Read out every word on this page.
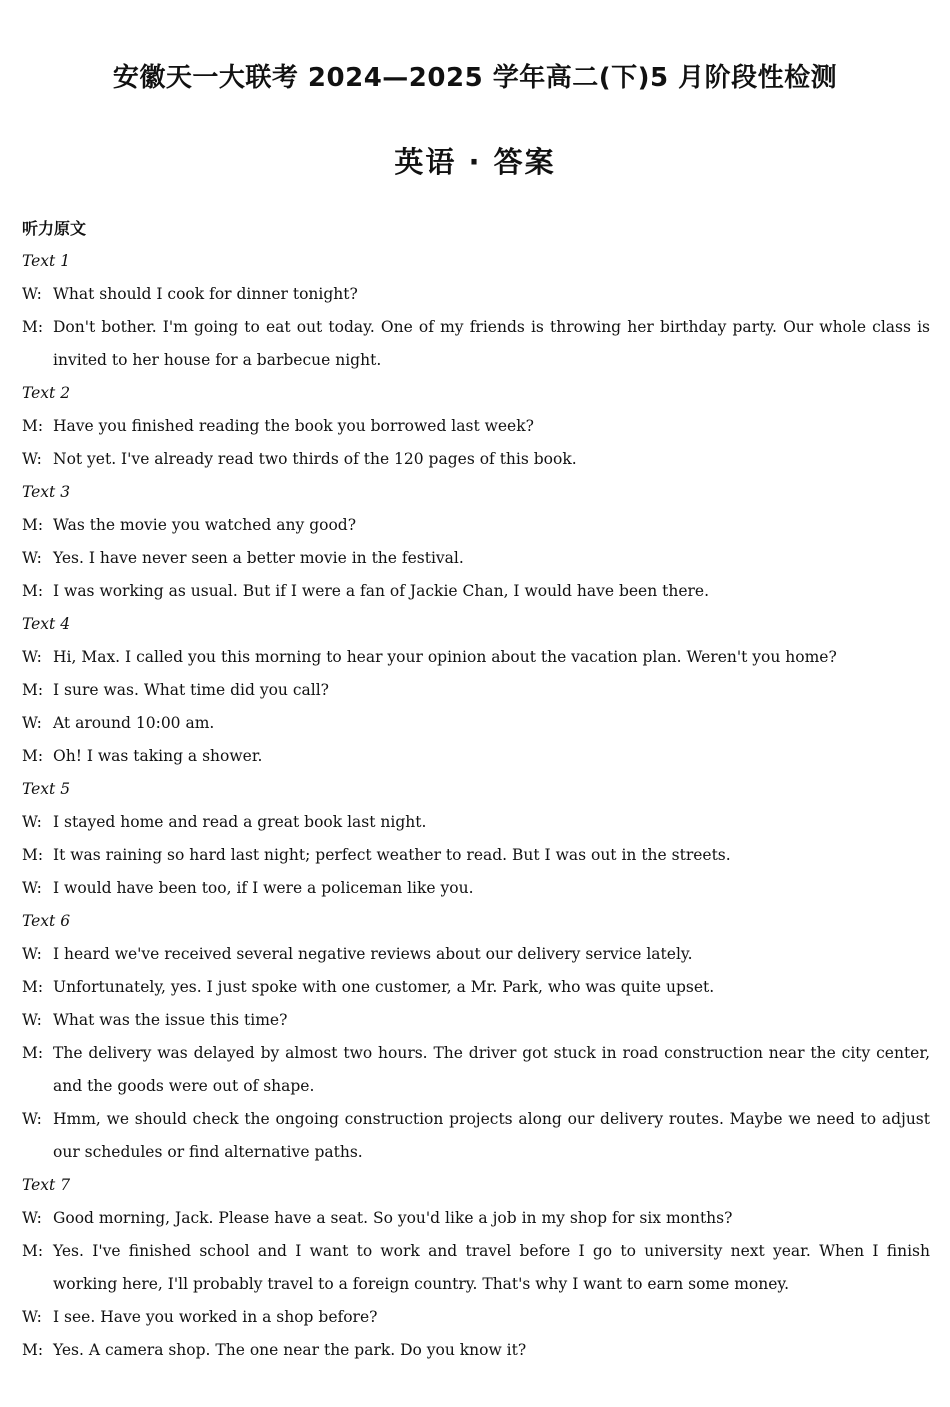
安徽天一大联考 2024—2025 学年高二(下)5 月阶段性检测
英语 · 答案

听力原文

Text 1

W: What should I cook for dinner tonight?

M: Don't bother. I'm going to eat out today. One of my friends is throwing her birthday party. Our whole class is invited to her house for a barbecue night.

Text 2

M: Have you finished reading the book you borrowed last week?

W: Not yet. I've already read two thirds of the 120 pages of this book.

Text 3

M: Was the movie you watched any good?

W: Yes. I have never seen a better movie in the festival.

M: I was working as usual. But if I were a fan of Jackie Chan, I would have been there.

Text 4

W: Hi, Max. I called you this morning to hear your opinion about the vacation plan. Weren't you home?

M: I sure was. What time did you call?

W: At around 10:00 am.

M: Oh! I was taking a shower.

Text 5

W: I stayed home and read a great book last night.

M: It was raining so hard last night; perfect weather to read. But I was out in the streets.

W: I would have been too, if I were a policeman like you.

Text 6

W: I heard we've received several negative reviews about our delivery service lately.

M: Unfortunately, yes. I just spoke with one customer, a Mr. Park, who was quite upset.

W: What was the issue this time?

M: The delivery was delayed by almost two hours. The driver got stuck in road construction near the city center, and the goods were out of shape.

W: Hmm, we should check the ongoing construction projects along our delivery routes. Maybe we need to adjust our schedules or find alternative paths.

Text 7

W: Good morning, Jack. Please have a seat. So you'd like a job in my shop for six months?

M: Yes. I've finished school and I want to work and travel before I go to university next year. When I finish working here, I'll probably travel to a foreign country. That's why I want to earn some money.

W: I see. Have you worked in a shop before?

M: Yes. A camera shop. The one near the park. Do you know it?
